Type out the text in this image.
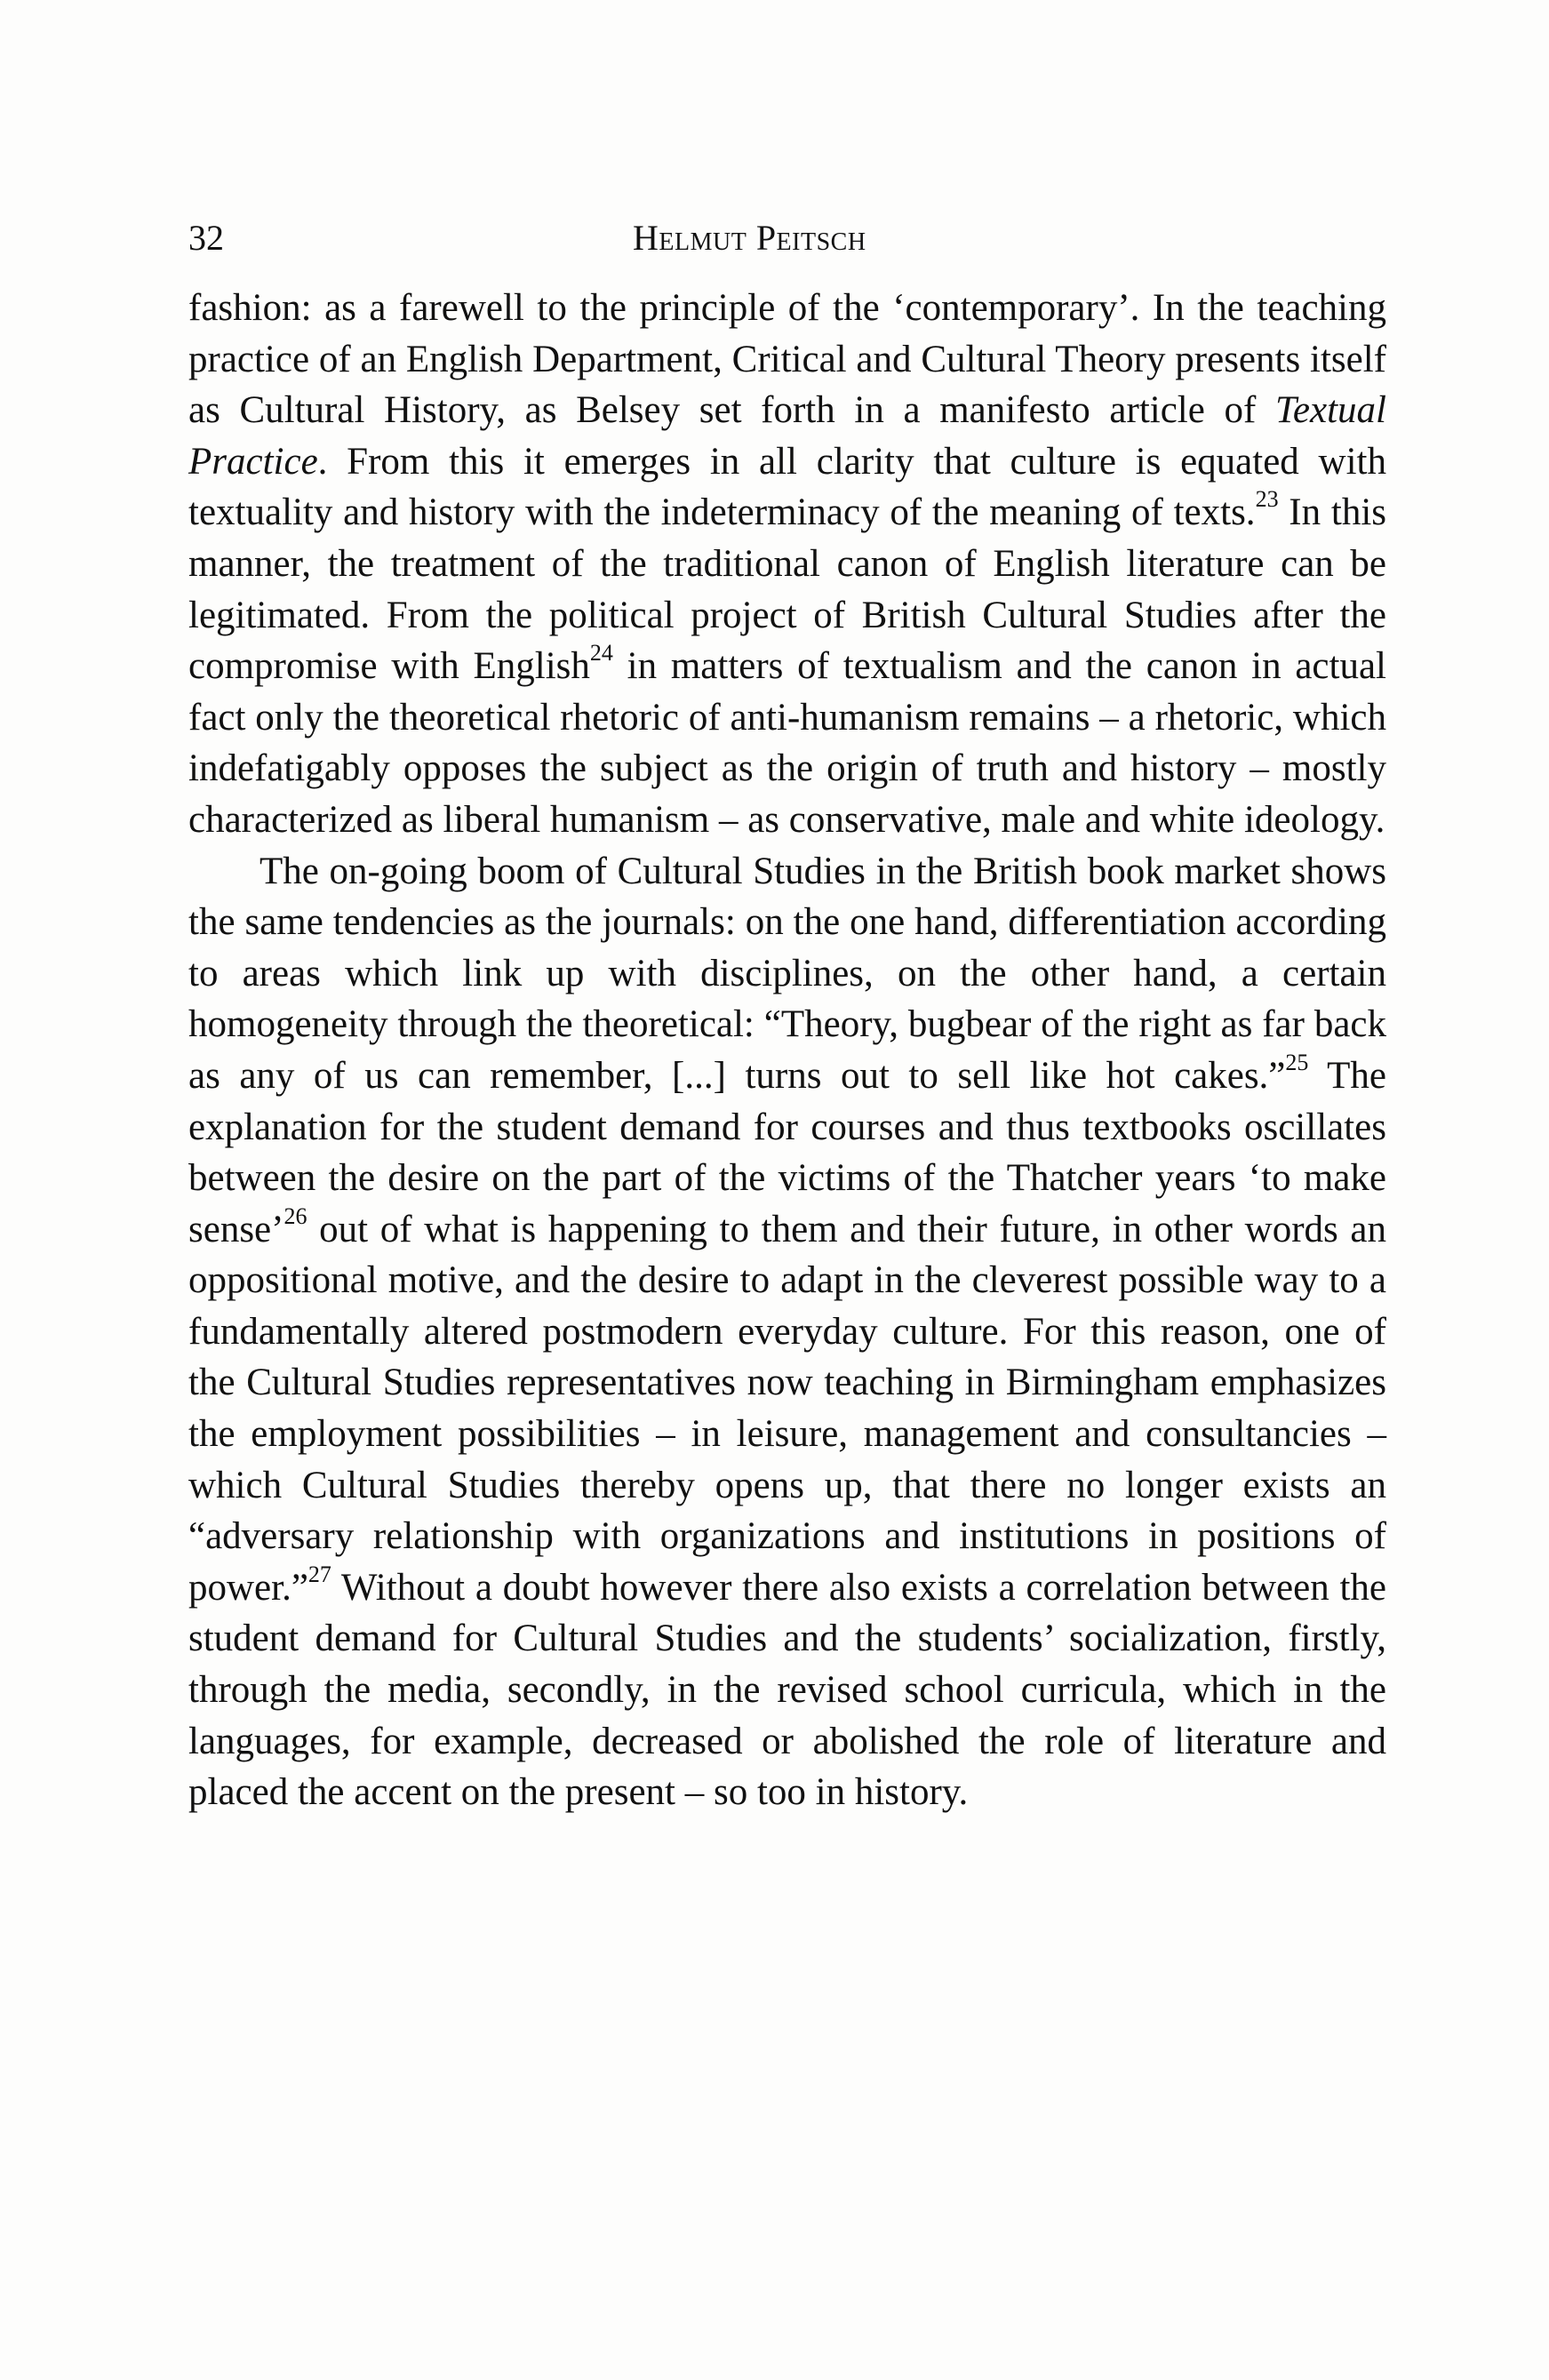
32	Helmut Peitsch

fashion: as a farewell to the principle of the ‘contemporary’. In the teaching practice of an English Department, Critical and Cultural Theory presents itself as Cultural History, as Belsey set forth in a manifesto article of Textual Practice. From this it emerges in all clarity that culture is equated with textuality and history with the indeterminacy of the meaning of texts.$^{23}$ In this manner, the treatment of the traditional canon of English literature can be legitimated. From the political project of British Cultural Studies after the compromise with English$^{24}$ in matters of textualism and the canon in actual fact only the theoretical rhetoric of anti-humanism remains – a rhetoric, which indefatigably opposes the subject as the origin of truth and history – mostly characterized as liberal humanism – as conservative, male and white ideology.

The on-going boom of Cultural Studies in the British book market shows the same tendencies as the journals: on the one hand, differentiation according to areas which link up with disciplines, on the other hand, a certain homogeneity through the theoretical: “Theory, bugbear of the right as far back as any of us can remember, [...] turns out to sell like hot cakes.”$^{25}$ The explanation for the student demand for courses and thus textbooks oscillates between the desire on the part of the victims of the Thatcher years ‘to make sense’$^{26}$ out of what is happening to them and their future, in other words an oppositional motive, and the desire to adapt in the cleverest possible way to a fundamentally altered postmodern everyday culture. For this reason, one of the Cultural Studies representatives now teaching in Birmingham emphasizes the employment possibilities – in leisure, management and consultancies – which Cultural Studies thereby opens up, that there no longer exists an “adversary relationship with organizations and institutions in positions of power.”$^{27}$ Without a doubt however there also exists a correlation between the student demand for Cultural Studies and the students’ socialization, firstly, through the media, secondly, in the revised school curricula, which in the languages, for example, decreased or abolished the role of literature and placed the accent on the present – so too in history.
